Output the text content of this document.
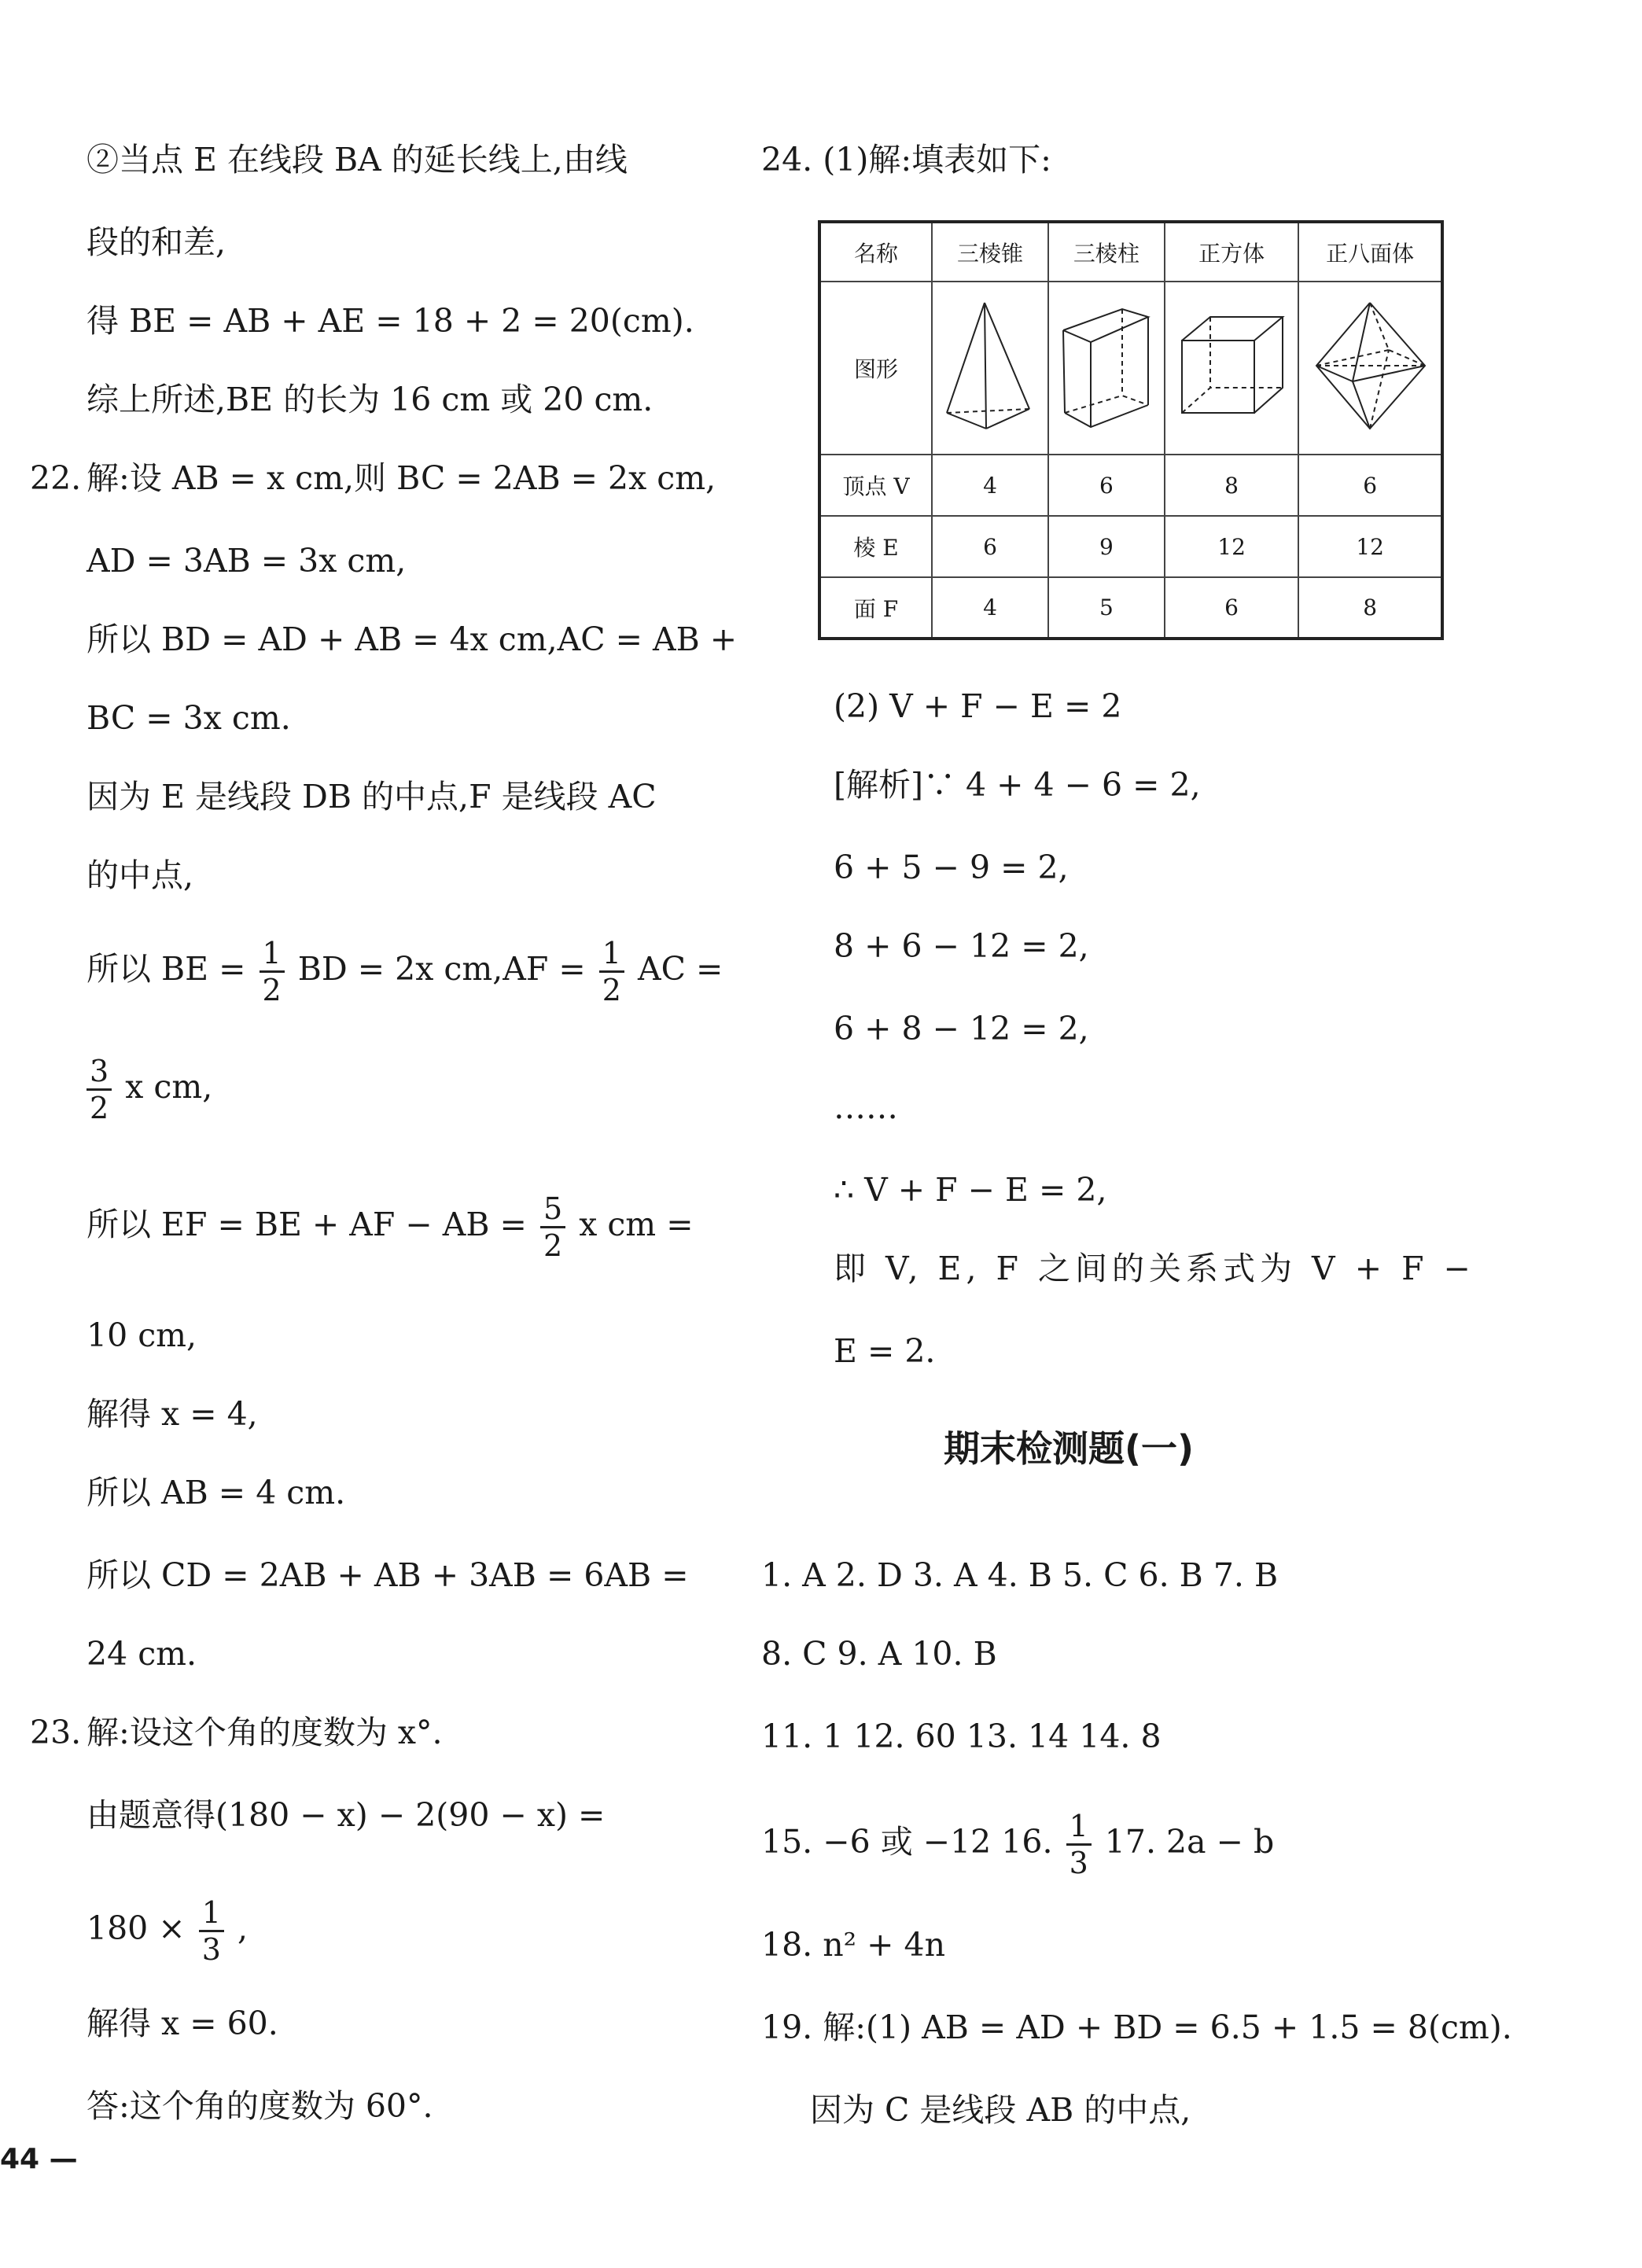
②当点 E 在线段 BA 的延长线上,由线
段的和差,
得 BE = AB + AE = 18 + 2 = 20(cm).
综上所述,BE 的长为 16 cm 或 20 cm.
22. 解:设 AB = x cm,则 BC = 2AB = 2x cm,
AD = 3AB = 3x cm,
所以 BD = AD + AB = 4x cm,AC = AB +
BC = 3x cm.
因为 E 是线段 DB 的中点,F 是线段 AC
的中点,
所以 BE = $\frac{1}{2}$ BD = 2x $cm,AF = \frac{1}{2}$ AC =
$\frac{3}{2}$ x cm,
所以 EF = BE + AF − AB = $\frac{5}{2}$ x cm =
10 cm,
解得 x = 4,
所以 AB = 4 cm.
所以 CD = 2AB + AB + 3AB = 6AB =
24 cm.
23. 解:设这个角的度数为 x°.
由题意得(180 − x) − 2(90 − x) =
$180 \times \frac{1}{3}$ ,
解得 x = 60.
答:这个角的度数为 60°.
24. (1)解:填表如下:
名称	三棱锥	三棱柱	正方体	正八面体
图形				
顶点 V	4	6	8	6
棱 E	6	9	12	12
面 F	4	5	6	8
(2) V + F − E = 2
[解析]∵ 4 + 4 − 6 = 2,
6 + 5 − 9 = 2,
8 + 6 − 12 = 2,
6 + 8 − 12 = 2,
……
∴ V + F − E = 2,
即 V, E, F 之间的关系式为 V + F −
E = 2.
期末检测题(一)
1. A 2. D 3. A 4. B 5. C 6. B 7. B
8. C 9. A 10. B
11. 1 12. 60 13. 14 14. 8
15. −6 或 −12 16. $\frac{1}{3} 17$. 2a − b
18. n² + 4n
19. 解:(1) AB = AD + BD = 6.5 + 1.5 = 8(cm).
因为 C 是线段 AB 的中点,
44 —
